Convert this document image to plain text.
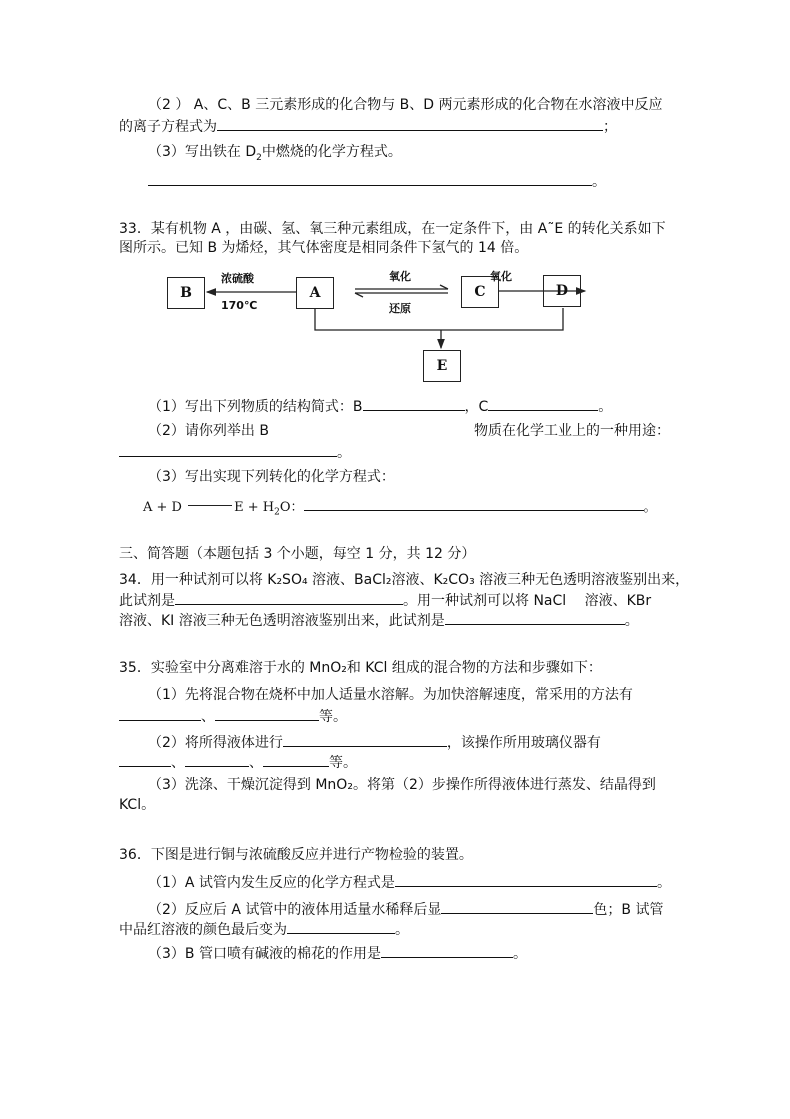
（2 ） A、C、B 三元素形成的化合物与 B、D 两元素形成的化合物在水溶液中反应
的离子方程式为	；
（3）写出铁在 $D_2$中燃烧的化学方程式。
。
33．某有机物 A ，由碳、氢、氧三种元素组成，在一定条件下，由 A˜E 的转化关系如下
图所示。已知 B 为烯烃，其气体密度是相同条件下氢气的 14 倍。
B	A	C	D
E
浓硫酸
170℃
氧化
还原
氧化
（1）写出下列物质的结构简式：B	，C	。
（2）请你列举出 B	物质在化学工业上的一种用途：
。
（3）写出实现下列转化的化学方程式：
A + D	$E + H_2O$：	。
三、简答题（本题包括 3 个小题，每空 1 分，共 12 分）
34．用一种试剂可以将 K₂SO₄ 溶液、BaCl₂溶液、K₂CO₃ 溶液三种无色透明溶液鉴别出来，
此试剂是	。用一种试剂可以将 NaCl　 溶液、KBr
溶液、KI 溶液三种无色透明溶液鉴别出来，此试剂是	。
35．实验室中分离难溶于水的 MnO₂和 KCl 组成的混合物的方法和步骤如下：
（1）先将混合物在烧杯中加人适量水溶解。为加快溶解速度，常采用的方法有
、	等。
（2）将所得液体进行	，该操作所用玻璃仪器有
、	、	等。
（3）洗涤、干燥沉淀得到 MnO₂。将第（2）步操作所得液体进行蒸发、结晶得到
KCl。
36．下图是进行铜与浓硫酸反应并进行产物检验的装置。
（1）A 试管内发生反应的化学方程式是	。
（2）反应后 A 试管中的液体用适量水稀释后显	色；B 试管
中品红溶液的颜色最后变为	。
（3）B 管口喷有碱液的棉花的作用是	。
